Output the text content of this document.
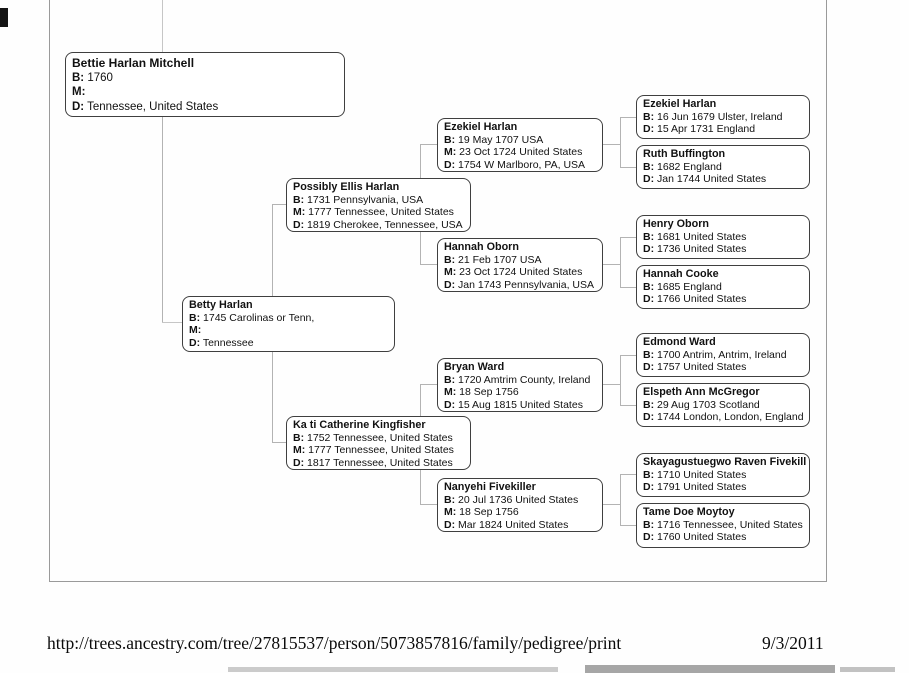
Bettie Harlan Mitchell
B: 1760
M:
D: Tennessee, United States
Betty Harlan
B: 1745 Carolinas or Tenn,
M:
D: Tennessee
Possibly Ellis Harlan
B: 1731 Pennsylvania, USA
M: 1777 Tennessee, United States
D: 1819 Cherokee, Tennessee, USA
Ka ti Catherine Kingfisher
B: 1752 Tennessee, United States
M: 1777 Tennessee, United States
D: 1817 Tennessee, United States
Ezekiel Harlan
B: 19 May 1707 USA
M: 23 Oct 1724 United States
D: 1754 W Marlboro, PA, USA
Hannah Oborn
B: 21 Feb 1707 USA
M: 23 Oct 1724 United States
D: Jan 1743 Pennsylvania, USA
Bryan Ward
B: 1720 Amtrim County, Ireland
M: 18 Sep 1756
D: 15 Aug 1815 United States
Nanyehi Fivekiller
B: 20 Jul 1736 United States
M: 18 Sep 1756
D: Mar 1824 United States
Ezekiel Harlan
B: 16 Jun 1679 Ulster, Ireland
D: 15 Apr 1731 England
Ruth Buffington
B: 1682 England
D: Jan 1744 United States
Henry Oborn
B: 1681 United States
D: 1736 United States
Hannah Cooke
B: 1685 England
D: 1766 United States
Edmond Ward
B: 1700 Antrim, Antrim, Ireland
D: 1757 United States
Elspeth Ann McGregor
B: 29 Aug 1703 Scotland
D: 1744 London, London, England
Skayagustuegwo Raven Fivekill
B: 1710 United States
D: 1791 United States
Tame Doe Moytoy
B: 1716 Tennessee, United States
D: 1760 United States
http://trees.ancestry.com/tree/27815537/person/5073857816/family/pedigree/print	9/3/2011
